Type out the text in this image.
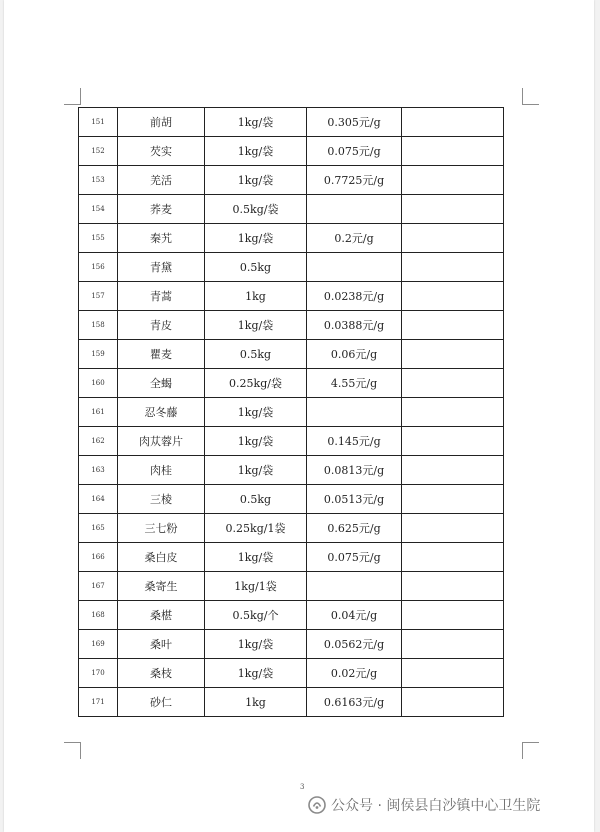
151	前胡	1kg/袋	0.305元/g	
152	芡实	1kg/袋	0.075元/g	
153	羌活	1kg/袋	0.7725元/g	
154	荞麦	0.5kg/袋		
155	秦艽	1kg/袋	0.2元/g	
156	青黛	0.5kg		
157	青蒿	1kg	0.0238元/g	
158	青皮	1kg/袋	0.0388元/g	
159	瞿麦	0.5kg	0.06元/g	
160	全蝎	0.25kg/袋	4.55元/g	
161	忍冬藤	1kg/袋		
162	肉苁蓉片	1kg/袋	0.145元/g	
163	肉桂	1kg/袋	0.0813元/g	
164	三棱	0.5kg	0.0513元/g	
165	三七粉	0.25kg/1袋	0.625元/g	
166	桑白皮	1kg/袋	0.075元/g	
167	桑寄生	1kg/1袋		
168	桑椹	0.5kg/个	0.04元/g	
169	桑叶	1kg/袋	0.0562元/g	
170	桑枝	1kg/袋	0.02元/g	
171	砂仁	1kg	0.6163元/g	
3
公众号 · 闽侯县白沙镇中心卫生院
